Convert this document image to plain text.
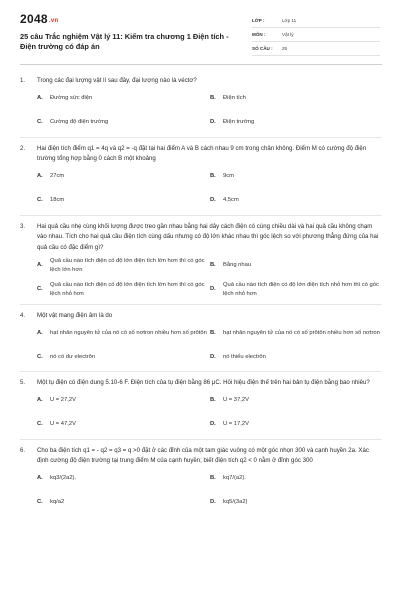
2048.vn
25 câu Trắc nghiệm Vật lý 11: Kiểm tra chương 1 Điện tích - Điện trường có đáp án
LỚP :	Lớp 11
MÔN :	Vật lý
SỐ CÂU :	25
1.	Trong các đại lượng vật lí sau đây, đại lượng nào là véctơ?
A.	Đường sức điện	B.	Điện tích
C.	Cường độ điện trường	D.	Điện trường
2.	Hai điện tích điểm q1 = 4q và q2 = -q đặt tại hai điểm A và B cách nhau 9 cm trong chân không. Điểm M có cường độ điện trường tổng hợp bằng 0 cách B một khoảng
A.	27cm	B.	9cm
C.	18cm	D.	4,5cm
3.	Hai quả cầu nhẹ cùng khối lượng được treo gần nhau bằng hai dây cách điện có cùng chiều dài và hai quả cầu không chạm vào nhau. Tích cho hai quả cầu điện tích cùng dấu nhưng có độ lớn khác nhau thì góc lệch so với phương thẳng đứng của hai quả cầu có đặc điểm gì?
A.
Quả cầu nào tích điện có độ lớn điện tích lớn hơn thì có góc lệch lớn hơn
B.	Bằng nhau
C.
Quả cầu nào tích điện có độ lớn điện tích lớn hơn thì có góc lệch nhỏ hơn
D.
Quả cầu nào tích điện có độ lớn điện tích nhỏ hơn thì có góc lệch nhỏ hơn
4.	Một vật mang điện âm là do
A.	hạt nhân nguyên tử của nó có số nơtron nhiều hơn số prôtôn B.	hạt nhân nguyên tử của nó có số prôtôn nhiều hơn số nơtron
C.	nó có dư electrôn	D.	nó thiếu electrôn
5.	Một tụ điện có điện dung 5.10-6 F. Điện tích của tụ điện bằng 86 μC. Hỏi hiệu điện thế trên hai bản tụ điện bằng bao nhiêu?
A.	U = 27,2V	B.	U = 37,2V
C.	U = 47,2V	D.	U = 17,2V
6.	Cho ba điện tích q1 = - q2 = q3 = q >0 đặt ở các đỉnh của một tam giác vuông có một góc nhọn 300 và cạnh huyền 2a. Xác định cường độ điện trường tại trung điểm M của cạnh huyền; biết điện tích q2 < 0 nằm ở đỉnh góc 300
A.	kq3/(2a2).	B.	kq7/(a2).
C.	kq/a2	D.	kq5/(3a2)
